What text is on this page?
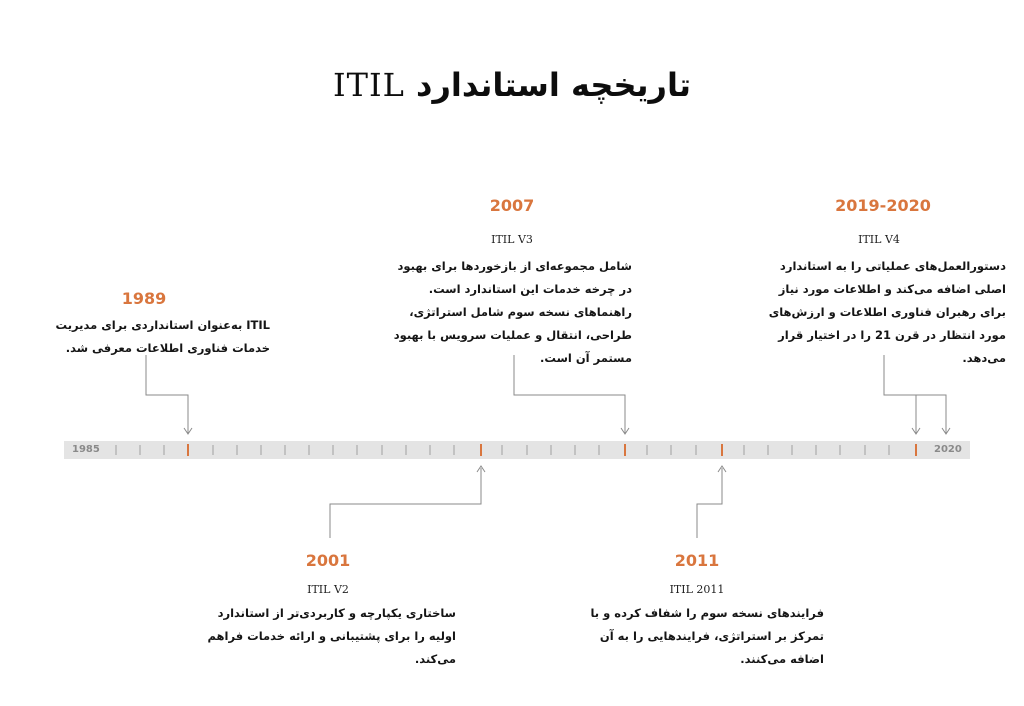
تاریخچه استاندارد ITIL
1985	2020
1989
ITIL به‌عنوان استانداردی برای مدیریت خدمات فناوری اطلاعات معرفی شد.
2007
ITIL V3
شامل مجموعه‌ای از بازخوردها برای بهبود در چرخه خدمات این استاندارد است. راهنماهای نسخه سوم شامل استراتژی، طراحی، انتقال و عملیات سرویس با بهبود مستمر آن است.
2019-2020
ITIL V4
دستورالعمل‌های عملیاتی را به استاندارد اصلی اضافه می‌کند و اطلاعات مورد نیاز برای رهبران فناوری اطلاعات و ارزش‌های مورد انتظار در قرن 21 را در اختیار قرار می‌دهد.
2001
ITIL V2
ساختاری یکپارچه و کاربردی‌تر از استاندارد اولیه را برای پشتیبانی و ارائه خدمات فراهم می‌کند.
2011
ITIL 2011
فرایندهای نسخه سوم را شفاف کرده و با تمرکز بر استراتژی، فرایندهایی را به آن اضافه می‌کنند.
